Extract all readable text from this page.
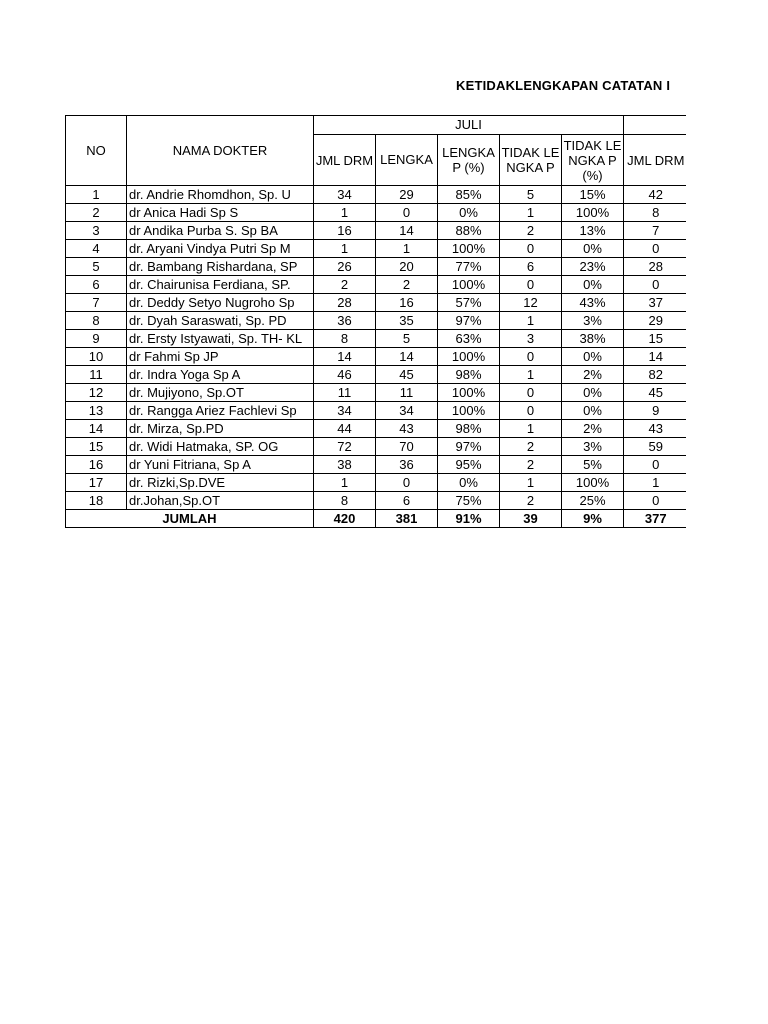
KETIDAKLENGKAPAN CATATAN I
NO	NAMA DOKTER	JULI					
		JML DRM	LENGKA	LENGKA P (%)	TIDAK LENGKA P	TIDAK LENGKA P (%)	JML DRM
1	dr. Andrie Rhomdhon, Sp. U	34	29	85%	5	15%	42
2	dr Anica Hadi Sp S	1	0	0%	1	100%	8
3	dr Andika Purba S. Sp BA	16	14	88%	2	13%	7
4	dr. Aryani Vindya Putri Sp M	1	1	100%	0	0%	0
5	dr. Bambang Rishardana, SP	26	20	77%	6	23%	28
6	dr. Chairunisa Ferdiana, SP.	2	2	100%	0	0%	0
7	dr. Deddy Setyo Nugroho Sp	28	16	57%	12	43%	37
8	dr. Dyah Saraswati, Sp. PD	36	35	97%	1	3%	29
9	dr. Ersty Istyawati, Sp. TH- KL	8	5	63%	3	38%	15
10	dr Fahmi Sp JP	14	14	100%	0	0%	14
11	dr. Indra Yoga Sp A	46	45	98%	1	2%	82
12	dr. Mujiyono, Sp.OT	11	11	100%	0	0%	45
13	dr. Rangga Ariez Fachlevi Sp	34	34	100%	0	0%	9
14	dr. Mirza, Sp.PD	44	43	98%	1	2%	43
15	dr. Widi Hatmaka, SP. OG	72	70	97%	2	3%	59
16	dr Yuni Fitriana, Sp A	38	36	95%	2	5%	0
17	dr. Rizki,Sp.DVE	1	0	0%	1	100%	1
18	dr.Johan,Sp.OT	8	6	75%	2	25%	0
JUMLAH		420	381	91%	39	9%	377
